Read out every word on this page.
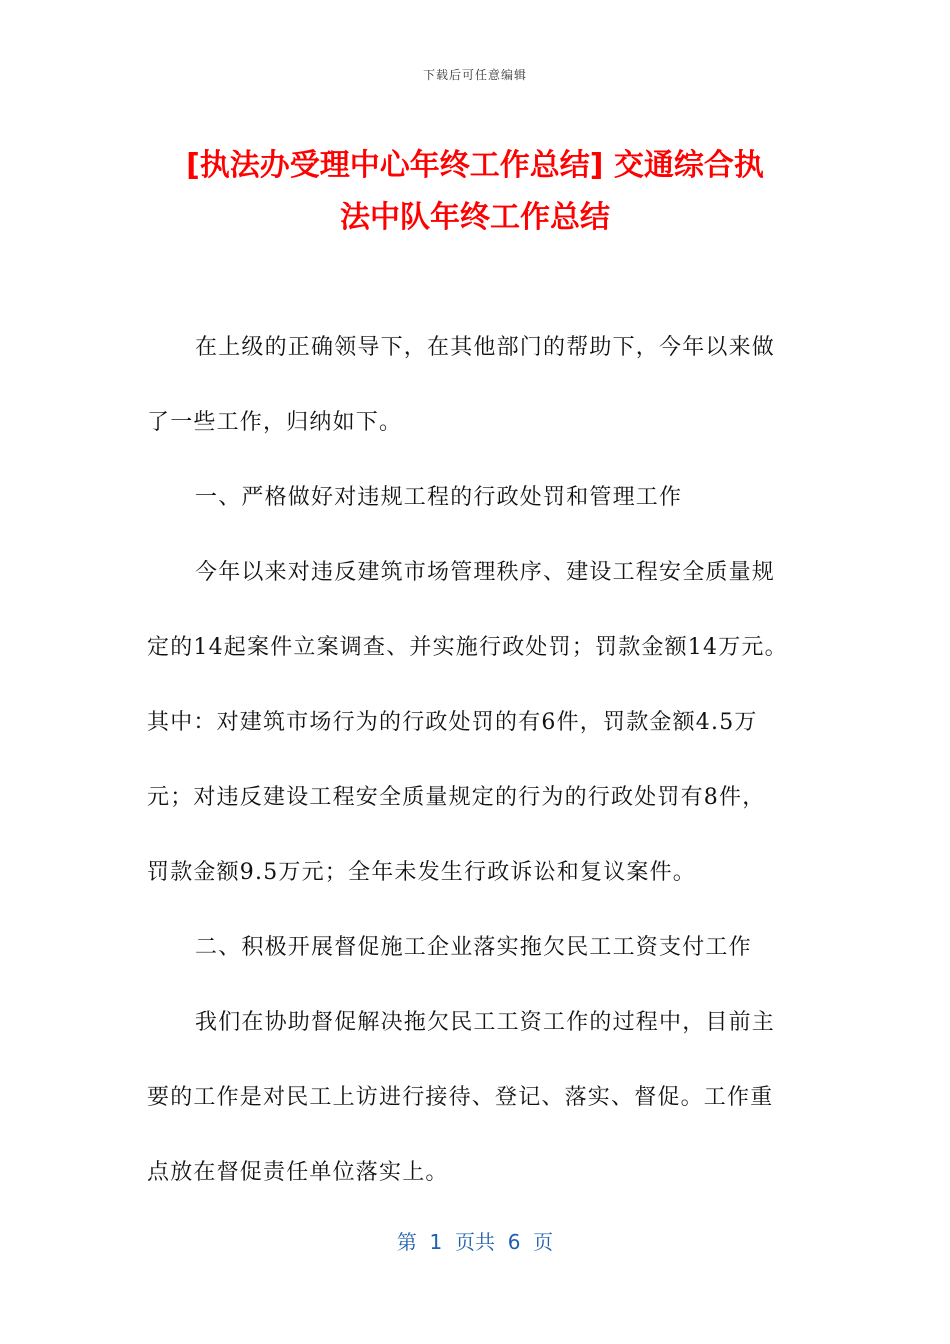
下载后可任意编辑
[执法办受理中心年终工作总结] 交通综合执
法中队年终工作总结
在上级的正确领导下，在其他部门的帮助下，今年以来做
了一些工作，归纳如下。
一、严格做好对违规工程的行政处罚和管理工作
今年以来对违反建筑市场管理秩序、建设工程安全质量规
定的14起案件立案调查、并实施行政处罚；罚款金额14万元。
其中：对建筑市场行为的行政处罚的有6件，罚款金额4.5万
元；对违反建设工程安全质量规定的行为的行政处罚有8件，
罚款金额9.5万元；全年未发生行政诉讼和复议案件。
二、积极开展督促施工企业落实拖欠民工工资支付工作
我们在协助督促解决拖欠民工工资工作的过程中，目前主
要的工作是对民工上访进行接待、登记、落实、督促。工作重
点放在督促责任单位落实上。
第  1  页共  6  页
